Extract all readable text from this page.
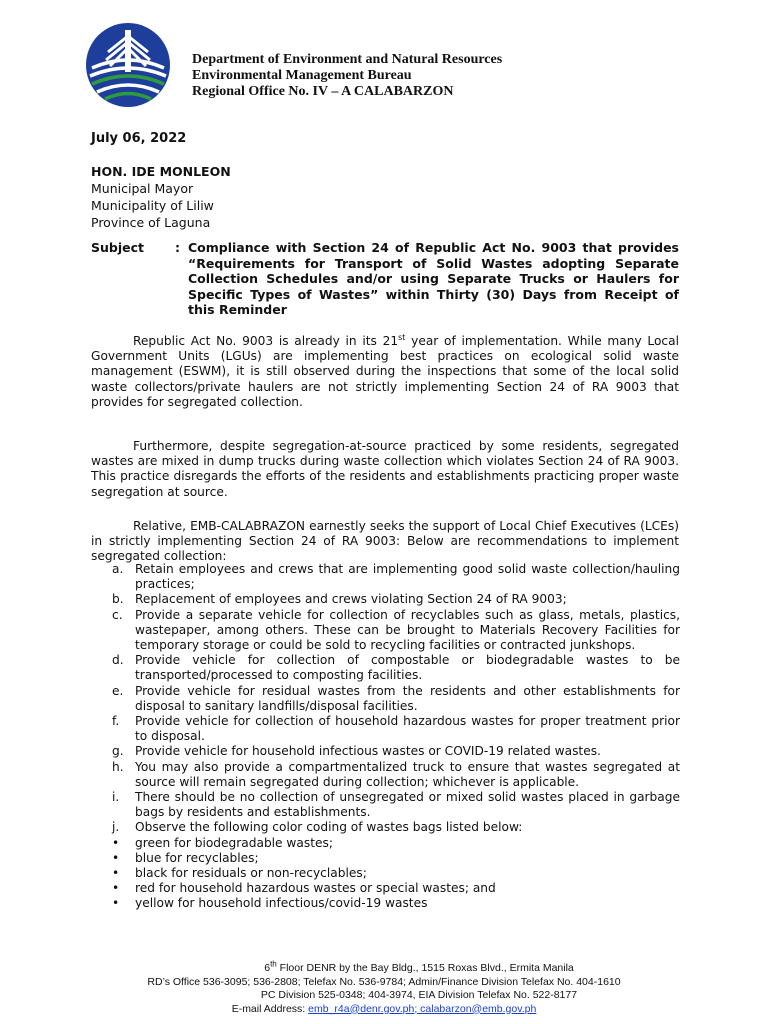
Department of Environment and Natural Resources
Environmental Management Bureau
Regional Office No. IV – A CALABARZON
July 06, 2022
HON. IDE MONLEON
Municipal Mayor
Municipality of Liliw
Province of Laguna
Subject : Compliance with Section 24 of Republic Act No. 9003 that provides “Requirements for Transport of Solid Wastes adopting Separate Collection Schedules and/or using Separate Trucks or Haulers for Specific Types of Wastes” within Thirty (30) Days from Receipt of this Reminder
Republic Act No. 9003 is already in its 21st year of implementation. While many Local Government Units (LGUs) are implementing best practices on ecological solid waste management (ESWM), it is still observed during the inspections that some of the local solid waste collectors/private haulers are not strictly implementing Section 24 of RA 9003 that provides for segregated collection.
Furthermore, despite segregation-at-source practiced by some residents, segregated wastes are mixed in dump trucks during waste collection which violates Section 24 of RA 9003. This practice disregards the efforts of the residents and establishments practicing proper waste segregation at source.
Relative, EMB-CALABRAZON earnestly seeks the support of Local Chief Executives (LCEs) in strictly implementing Section 24 of RA 9003: Below are recommendations to implement segregated collection:
a. Retain employees and crews that are implementing good solid waste collection/hauling practices;
b. Replacement of employees and crews violating Section 24 of RA 9003;
c. Provide a separate vehicle for collection of recyclables such as glass, metals, plastics, wastepaper, among others. These can be brought to Materials Recovery Facilities for temporary storage or could be sold to recycling facilities or contracted junkshops.
d. Provide vehicle for collection of compostable or biodegradable wastes to be transported/processed to composting facilities.
e. Provide vehicle for residual wastes from the residents and other establishments for disposal to sanitary landfills/disposal facilities.
f. Provide vehicle for collection of household hazardous wastes for proper treatment prior to disposal.
g. Provide vehicle for household infectious wastes or COVID-19 related wastes.
h. You may also provide a compartmentalized truck to ensure that wastes segregated at source will remain segregated during collection; whichever is applicable.
i. There should be no collection of unsegregated or mixed solid wastes placed in garbage bags by residents and establishments.
j. Observe the following color coding of wastes bags listed below:
• green for biodegradable wastes;
• blue for recyclables;
• black for residuals or non-recyclables;
• red for household hazardous wastes or special wastes; and
• yellow for household infectious/covid-19 wastes
6th Floor DENR by the Bay Bldg., 1515 Roxas Blvd., Ermita Manila
RD’s Office 536-3095; 536-2808; Telefax No. 536-9784; Admin/Finance Division Telefax No. 404-1610
PC Division 525-0348; 404-3974, EIA Division Telefax No. 522-8177
E-mail Address: emb_r4a@denr.gov.ph; calabarzon@emb.gov.ph
